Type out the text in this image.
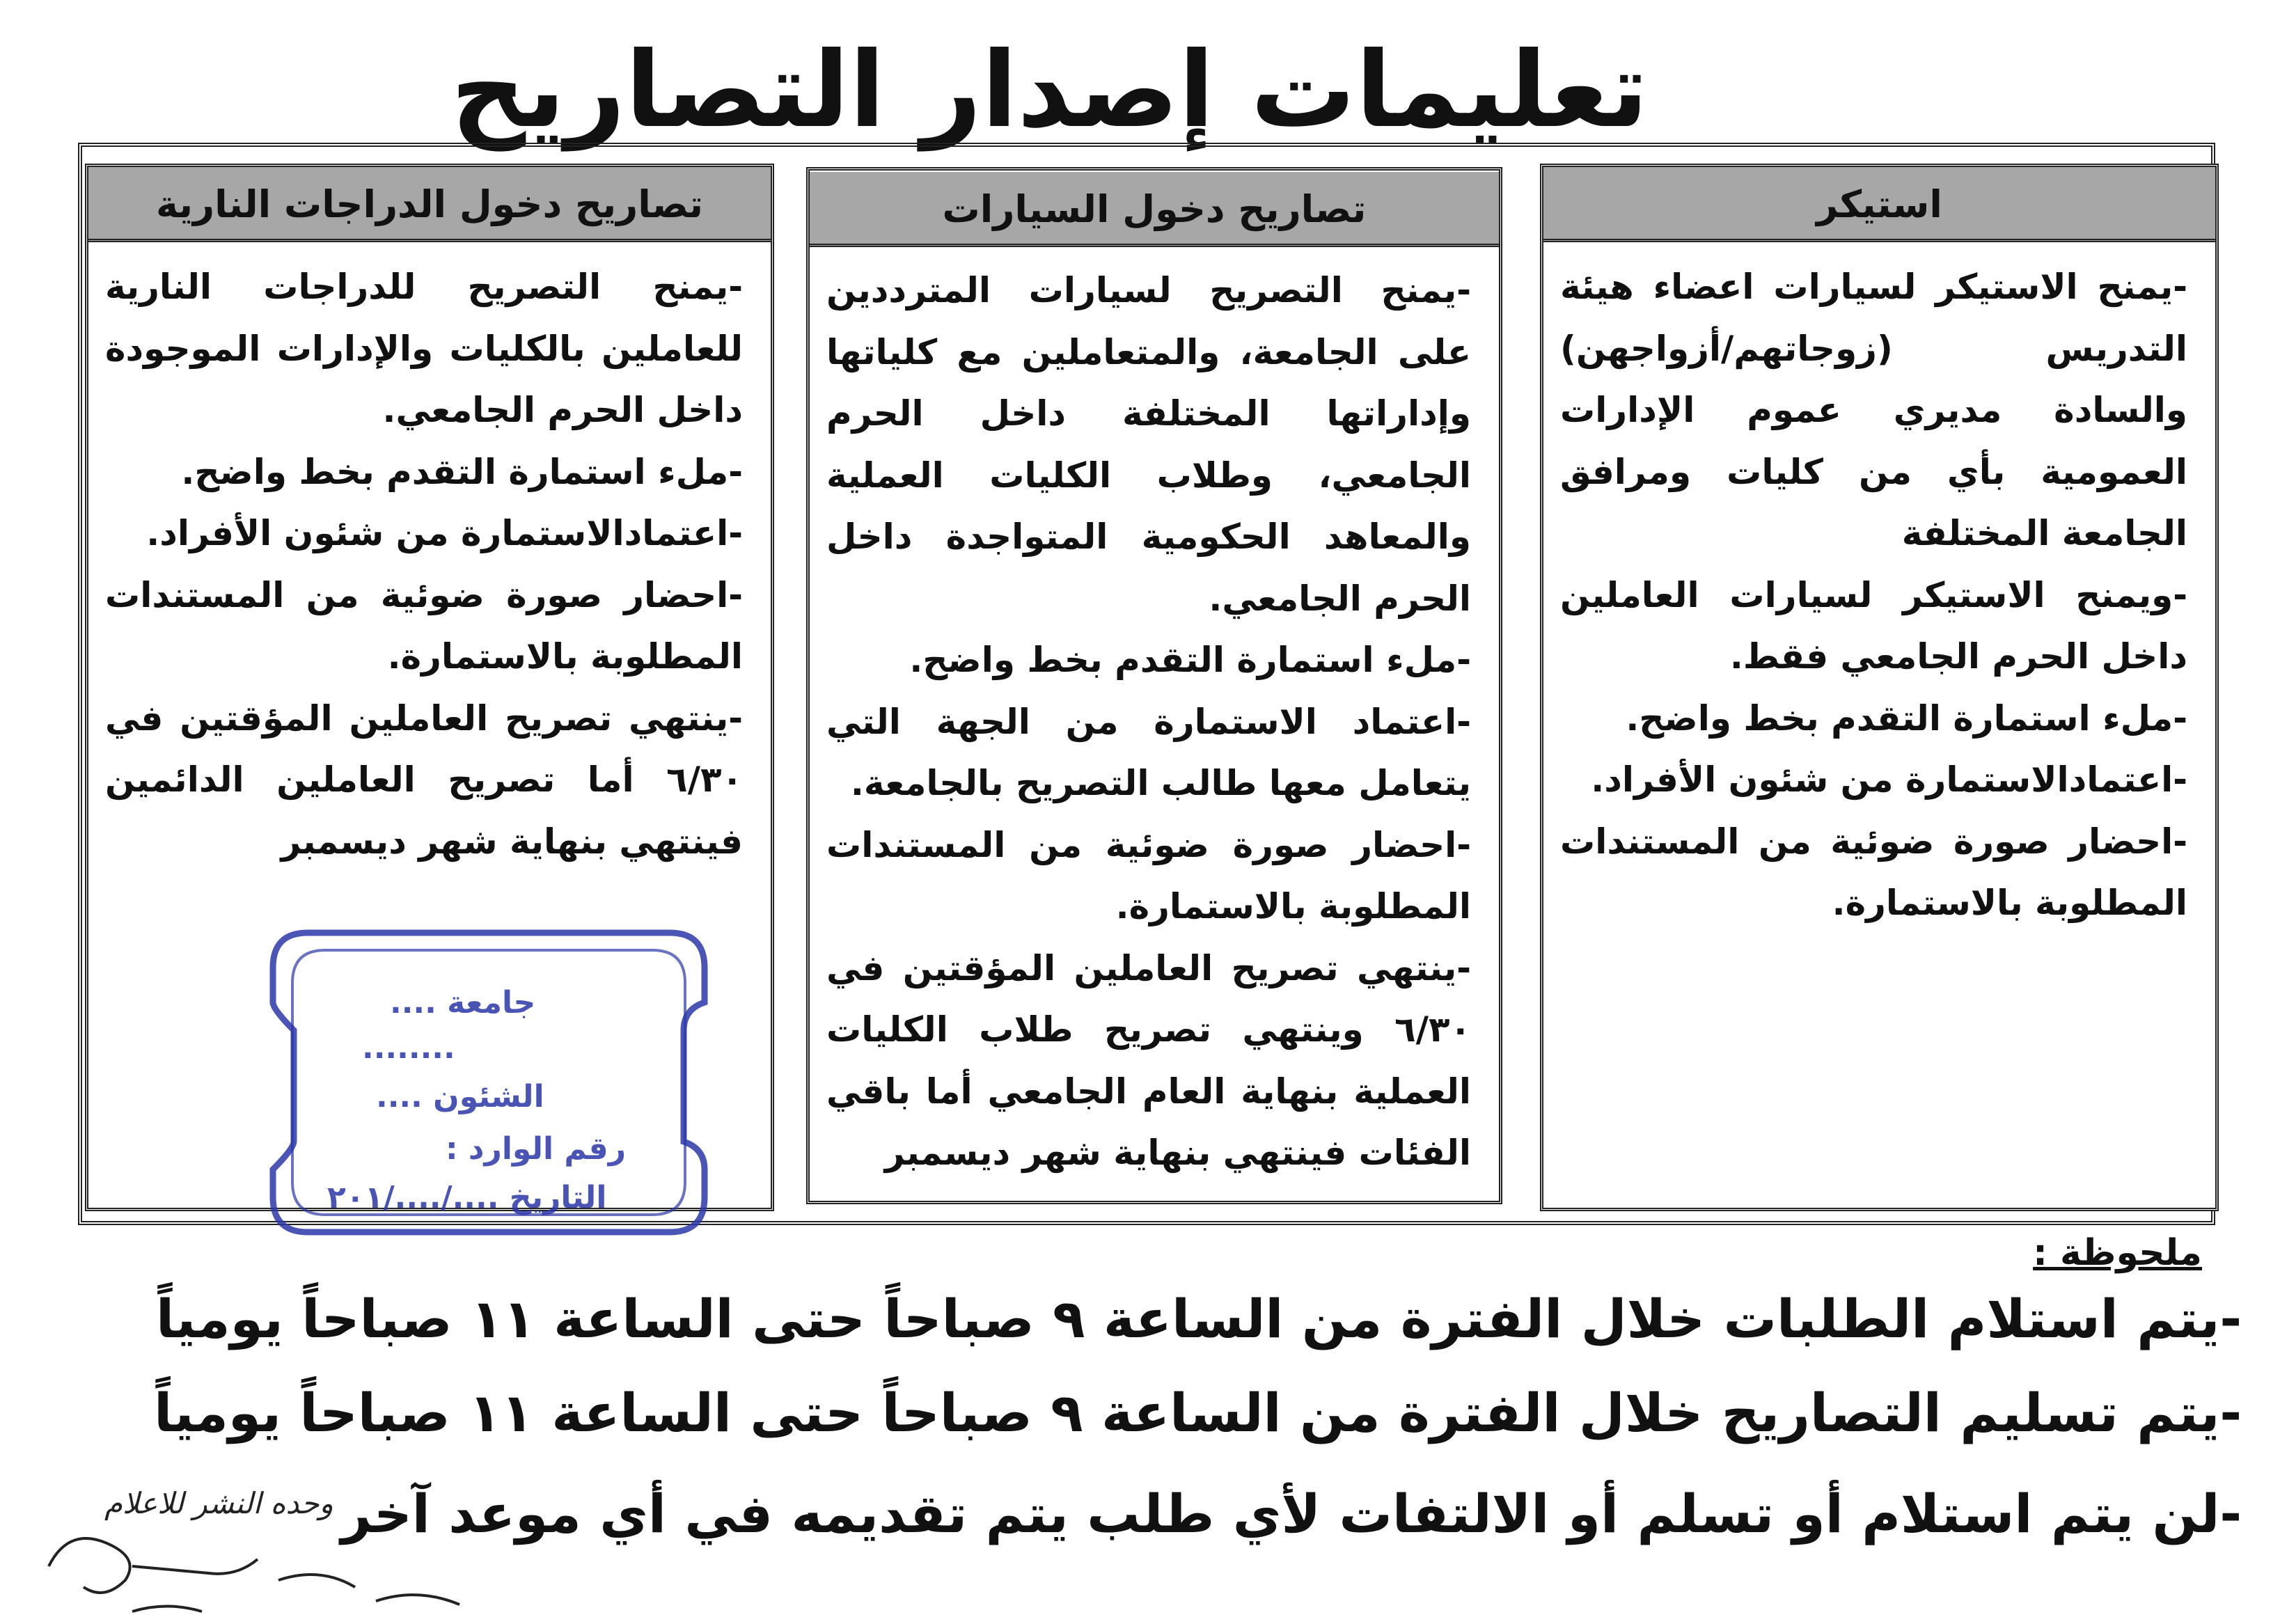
تعليمات إصدار التصاريح
استيكر

-يمنح الاستيكر لسيارات اعضاء هيئة التدريس (زوجاتهم/أزواجهن) والسادة مديري عموم الإدارات العمومية بأي من كليات ومرافق الجامعة المختلفة

-ويمنح الاستيكر لسيارات العاملين داخل الحرم الجامعي فقط.

-ملء استمارة التقدم بخط واضح.

-اعتمادالاستمارة من شئون الأفراد.

-احضار صورة ضوئية من المستندات المطلوبة بالاستمارة.

تصاريح دخول السيارات

-يمنح التصريح لسيارات المترددين على الجامعة، والمتعاملين مع كلياتها وإداراتها المختلفة داخل الحرم الجامعي، وطلاب الكليات العملية والمعاهد الحكومية المتواجدة داخل الحرم الجامعي.

-ملء استمارة التقدم بخط واضح.

-اعتماد الاستمارة من الجهة التي يتعامل معها طالب التصريح بالجامعة.

-احضار صورة ضوئية من المستندات المطلوبة بالاستمارة.

-ينتهي تصريح العاملين المؤقتين في ٦/٣٠ وينتهي تصريح طلاب الكليات العملية بنهاية العام الجامعي أما باقي الفئات فينتهي بنهاية شهر ديسمبر

تصاريح دخول الدراجات النارية

-يمنح التصريح للدراجات النارية للعاملين بالكليات والإدارات الموجودة داخل الحرم الجامعي.

-ملء استمارة التقدم بخط واضح.

-اعتمادالاستمارة من شئون الأفراد.

-احضار صورة ضوئية من المستندات المطلوبة بالاستمارة.

-ينتهي تصريح العاملين المؤقتين في ٦/٣٠ أما تصريح العاملين الدائمين فينتهي بنهاية شهر ديسمبر

جامعة ....
........
الشئون ....
رقم الوارد :
التاريخ ..../..../٢٠١
ملحوظة :
-يتم استلام الطلبات خلال الفترة من الساعة ٩ صباحاً حتى الساعة ١١ صباحاً يومياً
-يتم تسليم التصاريح خلال الفترة من الساعة ٩ صباحاً حتى الساعة ١١ صباحاً يومياً
-لن يتم استلام أو تسلم أو الالتفات لأي طلب يتم تقديمه في أي موعد آخر
وحده النشر للاعلام
